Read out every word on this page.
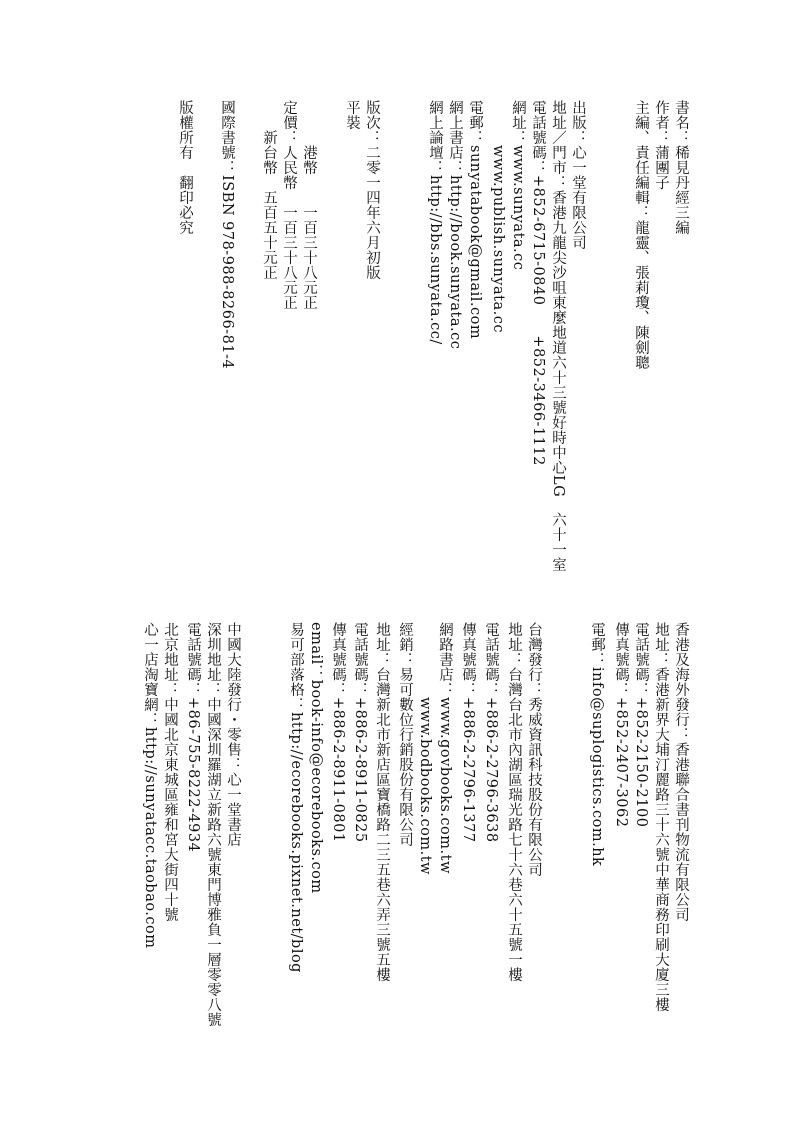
書名：稀見丹經三編
作者：蒲團子
主編、責任編輯：龍靈、張莉瓊、陳劍聰
出版：心一堂有限公司
地址／門市：香港九龍尖沙咀東麼地道六十三號好時中心LG　六十一室
電話號碼：+852-6715-0840　　+852-3466-1112
網址：www.sunyata.cc
　　　www.publish.sunyata.cc
電郵：sunyatabook@gmail.com
網上書店：http://book.sunyata.cc
網上論壇：http://bbs.sunyata.cc/
版次：二零一四年六月初版
平裝
　　　港幣　　一百三十八元正
定價：人民幣　一百三十八元正
　　新台幣　五百五十元正
國際書號：ISBN 978-988-8266-81-4
版權所有　翻印必究
香港及海外發行：香港聯合書刊物流有限公司
地址：香港新界大埔汀麗路三十六號中華商務印刷大廈三樓
電話號碼：+852-2150-2100
傳真號碼：+852-2407-3062
電郵：info@suplogistics.com.hk
台灣發行：秀威資訊科技股份有限公司
地址：台灣台北市內湖區瑞光路七十六巷六十五號一樓
電話號碼：+886-2-2796-3638
傳真號碼：+886-2-2796-1377
網路書店：www.govbooks.com.tw
　　　　　www.bodbooks.com.tw
經銷：易可數位行銷股份有限公司
地址：台灣新北市新店區寶橋路二三五巷六弄三號五樓
電話號碼：+886-2-8911-0825
傳真號碼：+886-2-8911-0801
email：book-info@ecorebooks.com
易可部落格：http://ecorebooks.pixnet.net/blog
中國大陸發行・零售：心一堂書店
深圳地址：中國深圳羅湖立新路六號東門博雅負一層零零八號
電話號碼：+86-755-8222-4934
北京地址：中國北京東城區雍和宮大街四十號
心一店淘寶網：http://sunyatacc.taobao.com
